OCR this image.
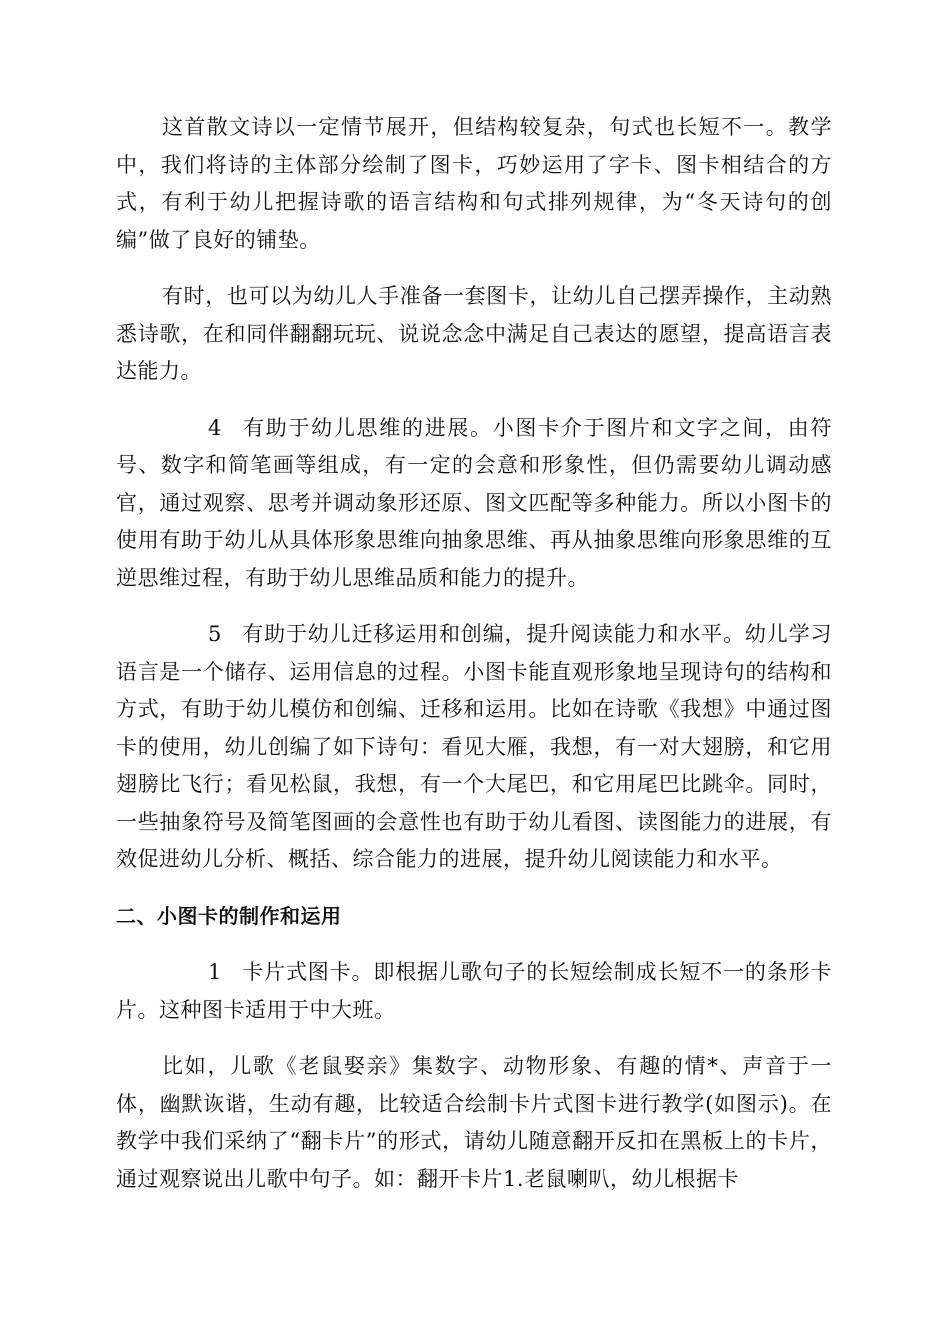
这首散文诗以一定情节展开，但结构较复杂，句式也长短不一。教学中，我们将诗的主体部分绘制了图卡，巧妙运用了字卡、图卡相结合的方式，有利于幼儿把握诗歌的语言结构和句式排列规律，为“冬天诗句的创编”做了良好的铺垫。

有时，也可以为幼儿人手准备一套图卡，让幼儿自己摆弄操作，主动熟悉诗歌，在和同伴翻翻玩玩、说说念念中满足自己表达的愿望，提高语言表达能力。

4 有助于幼儿思维的进展。小图卡介于图片和文字之间，由符号、数字和简笔画等组成，有一定的会意和形象性，但仍需要幼儿调动感官，通过观察、思考并调动象形还原、图文匹配等多种能力。所以小图卡的使用有助于幼儿从具体形象思维向抽象思维、再从抽象思维向形象思维的互逆思维过程，有助于幼儿思维品质和能力的提升。

5 有助于幼儿迁移运用和创编，提升阅读能力和水平。幼儿学习语言是一个储存、运用信息的过程。小图卡能直观形象地呈现诗句的结构和方式，有助于幼儿模仿和创编、迁移和运用。比如在诗歌《我想》中通过图卡的使用，幼儿创编了如下诗句：看见大雁，我想，有一对大翅膀，和它用翅膀比飞行；看见松鼠，我想，有一个大尾巴，和它用尾巴比跳伞。同时，一些抽象符号及简笔图画的会意性也有助于幼儿看图、读图能力的进展，有效促进幼儿分析、概括、综合能力的进展，提升幼儿阅读能力和水平。

二、小图卡的制作和运用

1 卡片式图卡。即根据儿歌句子的长短绘制成长短不一的条形卡片。这种图卡适用于中大班。

比如，儿歌《老鼠娶亲》集数字、动物形象、有趣的情*、声音于一体，幽默诙谐，生动有趣，比较适合绘制卡片式图卡进行教学(如图示)。在教学中我们采纳了“翻卡片”的形式，请幼儿随意翻开反扣在黑板上的卡片，通过观察说出儿歌中句子。如：翻开卡片1.老鼠喇叭，幼儿根据卡
